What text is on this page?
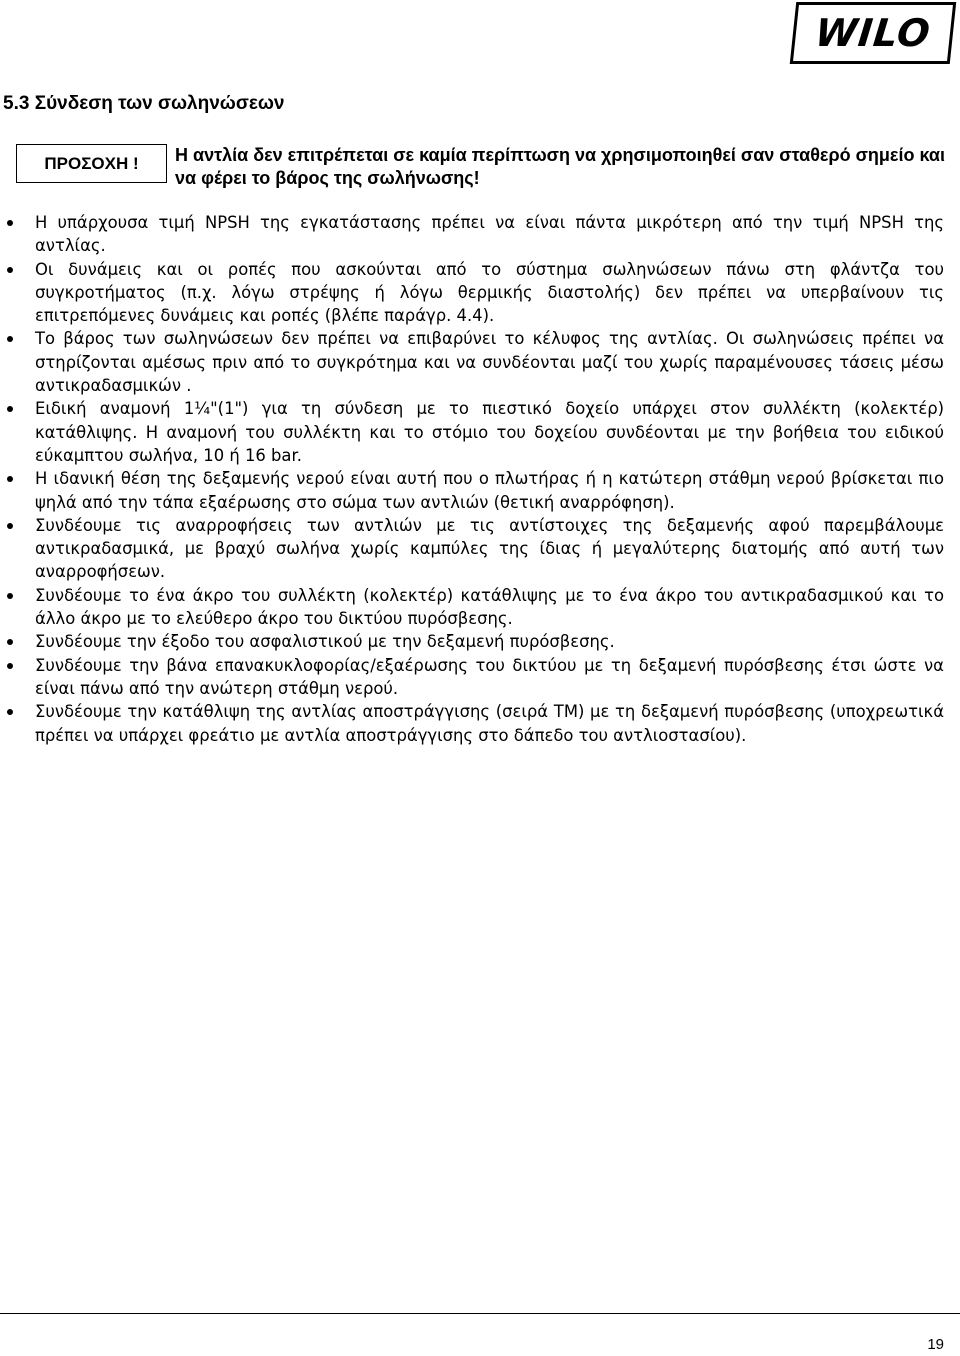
WILO
5.3 Σύνδεση των σωληνώσεων
ΠΡΟΣΟΧΗ ! Η αντλία δεν επιτρέπεται σε καμία περίπτωση να χρησιμοποιηθεί σαν σταθερό σημείο και να φέρει το βάρος της σωλήνωσης!

Η υπάρχουσα τιμή NPSH της εγκατάστασης πρέπει να είναι πάντα μικρότερη από την τιμή NPSH της αντλίας.
Οι δυνάμεις και οι ροπές που ασκούνται από το σύστημα σωληνώσεων πάνω στη φλάντζα του συγκροτήματος (π.χ. λόγω στρέψης ή λόγω θερμικής διαστολής) δεν πρέπει να υπερβαίνουν τις επιτρεπόμενες δυνάμεις και ροπές (βλέπε παράγρ. 4.4).
Το βάρος των σωληνώσεων δεν πρέπει να επιβαρύνει το κέλυφος της αντλίας. Οι σωληνώσεις πρέπει να στηρίζονται αμέσως πριν από το συγκρότημα και να συνδέονται μαζί του χωρίς παραμένουσες τάσεις μέσω αντικραδασμικών .
Ειδική αναμονή 1¼"(1") για τη σύνδεση με το πιεστικό δοχείο υπάρχει στον συλλέκτη (κολεκτέρ) κατάθλιψης. Η αναμονή του συλλέκτη και το στόμιο του δοχείου συνδέονται με την βοήθεια του ειδικού εύκαμπτου σωλήνα, 10 ή 16 bar.
Η ιδανική θέση της δεξαμενής νερού είναι αυτή που ο πλωτήρας ή η κατώτερη στάθμη νερού βρίσκεται πιο ψηλά από την τάπα εξαέρωσης στο σώμα των αντλιών (θετική αναρρόφηση).
Συνδέουμε τις αναρροφήσεις των αντλιών με τις αντίστοιχες της δεξαμενής αφού παρεμβάλουμε αντικραδασμικά, με βραχύ σωλήνα χωρίς καμπύλες της ίδιας ή μεγαλύτερης διατομής από αυτή των αναρροφήσεων.
Συνδέουμε το ένα άκρο του συλλέκτη (κολεκτέρ) κατάθλιψης με το ένα άκρο του αντικραδασμικού και το άλλο άκρο με το ελεύθερο άκρο του δικτύου πυρόσβεσης.
Συνδέουμε την έξοδο του ασφαλιστικού με την δεξαμενή πυρόσβεσης.
Συνδέουμε την βάνα επανακυκλοφορίας/εξαέρωσης του δικτύου με τη δεξαμενή πυρόσβεσης έτσι ώστε να είναι πάνω από την ανώτερη στάθμη νερού.
Συνδέουμε την κατάθλιψη της αντλίας αποστράγγισης (σειρά ΤΜ) με τη δεξαμενή πυρόσβεσης (υποχρεωτικά πρέπει να υπάρχει φρεάτιο με αντλία αποστράγγισης στο δάπεδο του αντλιοστασίου).
19
